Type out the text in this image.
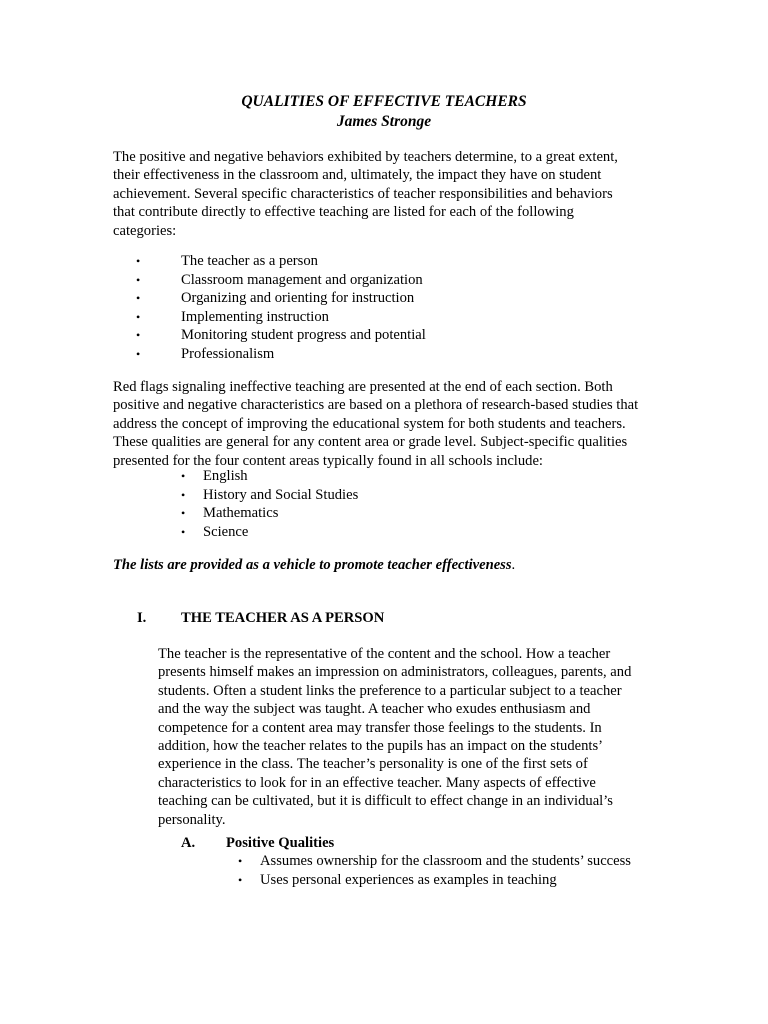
QUALITIES OF EFFECTIVE TEACHERS
James Stronge

The positive and negative behaviors exhibited by teachers determine, to a great extent,
their effectiveness in the classroom and, ultimately, the impact they have on student
achievement. Several specific characteristics of teacher responsibilities and behaviors
that contribute directly to effective teaching are listed for each of the following
categories:

•	The teacher as a person
•	Classroom management and organization
•	Organizing and orienting for instruction
•	Implementing instruction
•	Monitoring student progress and potential
•	Professionalism

Red flags signaling ineffective teaching are presented at the end of each section. Both
positive and negative characteristics are based on a plethora of research-based studies that
address the concept of improving the educational system for both students and teachers.
These qualities are general for any content area or grade level. Subject-specific qualities
presented for the four content areas typically found in all schools include:

• English
• History and Social Studies
• Mathematics
• Science
The lists are provided as a vehicle to promote teacher effectiveness.
I. THE TEACHER AS A PERSON

The teacher is the representative of the content and the school. How a teacher
presents himself makes an impression on administrators, colleagues, parents, and
students. Often a student links the preference to a particular subject to a teacher
and the way the subject was taught. A teacher who exudes enthusiasm and
competence for a content area may transfer those feelings to the students. In
addition, how the teacher relates to the pupils has an impact on the students’
experience in the class. The teacher’s personality is one of the first sets of
characteristics to look for in an effective teacher. Many aspects of effective
teaching can be cultivated, but it is difficult to effect change in an individual’s
personality.

A. Positive Qualities
• Assumes ownership for the classroom and the students’ success
• Uses personal experiences as examples in teaching
